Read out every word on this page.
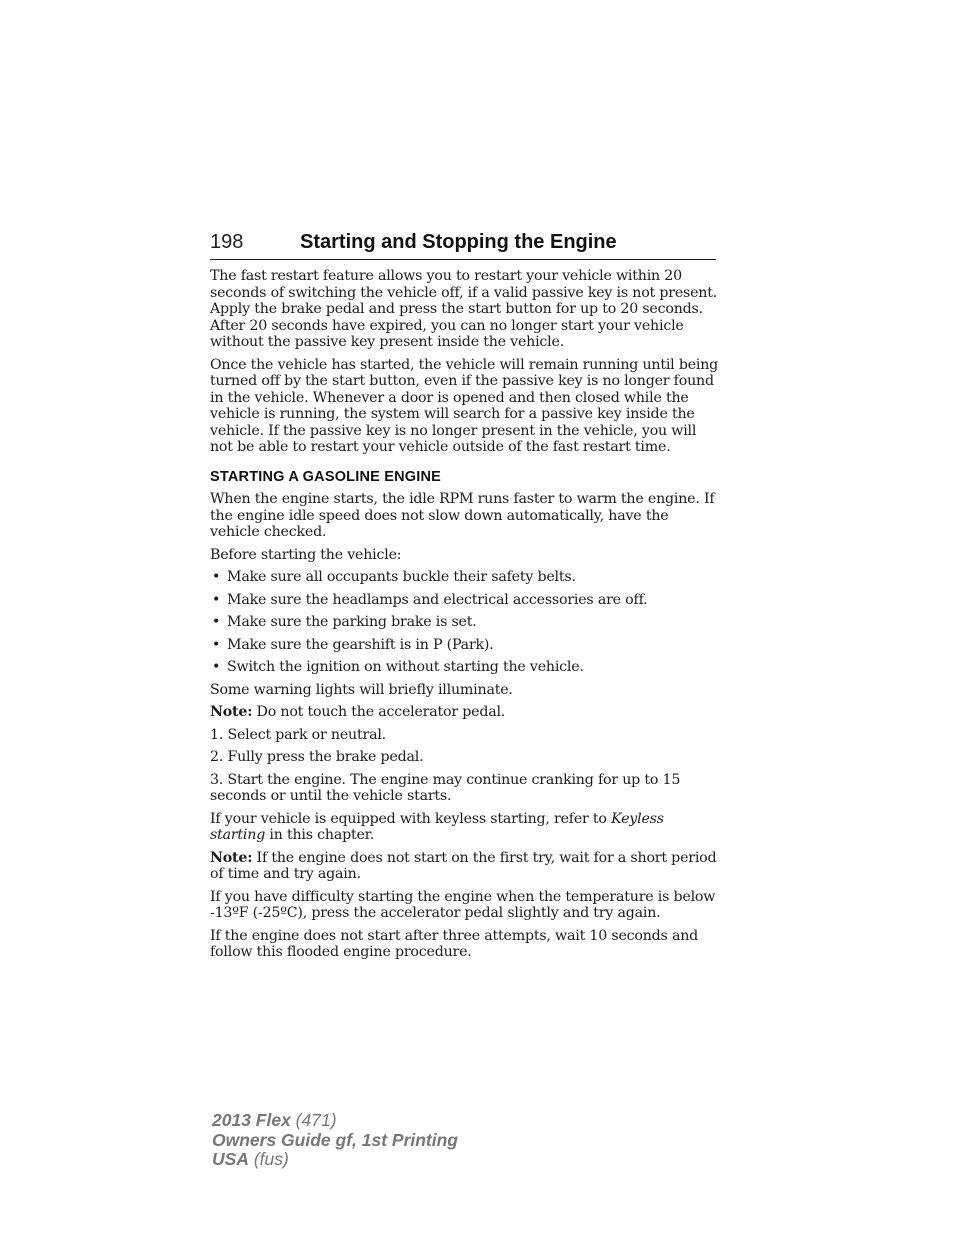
198	Starting and Stopping the Engine

The fast restart feature allows you to restart your vehicle within 20 seconds of switching the vehicle off, if a valid passive key is not present. Apply the brake pedal and press the start button for up to 20 seconds. After 20 seconds have expired, you can no longer start your vehicle without the passive key present inside the vehicle.

Once the vehicle has started, the vehicle will remain running until being turned off by the start button, even if the passive key is no longer found in the vehicle. Whenever a door is opened and then closed while the vehicle is running, the system will search for a passive key inside the vehicle. If the passive key is no longer present in the vehicle, you will not be able to restart your vehicle outside of the fast restart time.

STARTING A GASOLINE ENGINE

When the engine starts, the idle RPM runs faster to warm the engine. If the engine idle speed does not slow down automatically, have the vehicle checked.

Before starting the vehicle:

• Make sure all occupants buckle their safety belts.
• Make sure the headlamps and electrical accessories are off.
• Make sure the parking brake is set.
• Make sure the gearshift is in P (Park).
• Switch the ignition on without starting the vehicle.

Some warning lights will briefly illuminate.

Note: Do not touch the accelerator pedal.

1. Select park or neutral.
2. Fully press the brake pedal.
3. Start the engine. The engine may continue cranking for up to 15 seconds or until the vehicle starts.

If your vehicle is equipped with keyless starting, refer to Keyless starting in this chapter.

Note: If the engine does not start on the first try, wait for a short period of time and try again.

If you have difficulty starting the engine when the temperature is below -13ºF (-25ºC), press the accelerator pedal slightly and try again.

If the engine does not start after three attempts, wait 10 seconds and follow this flooded engine procedure.

2013 Flex (471)
Owners Guide gf, 1st Printing
USA (fus)
